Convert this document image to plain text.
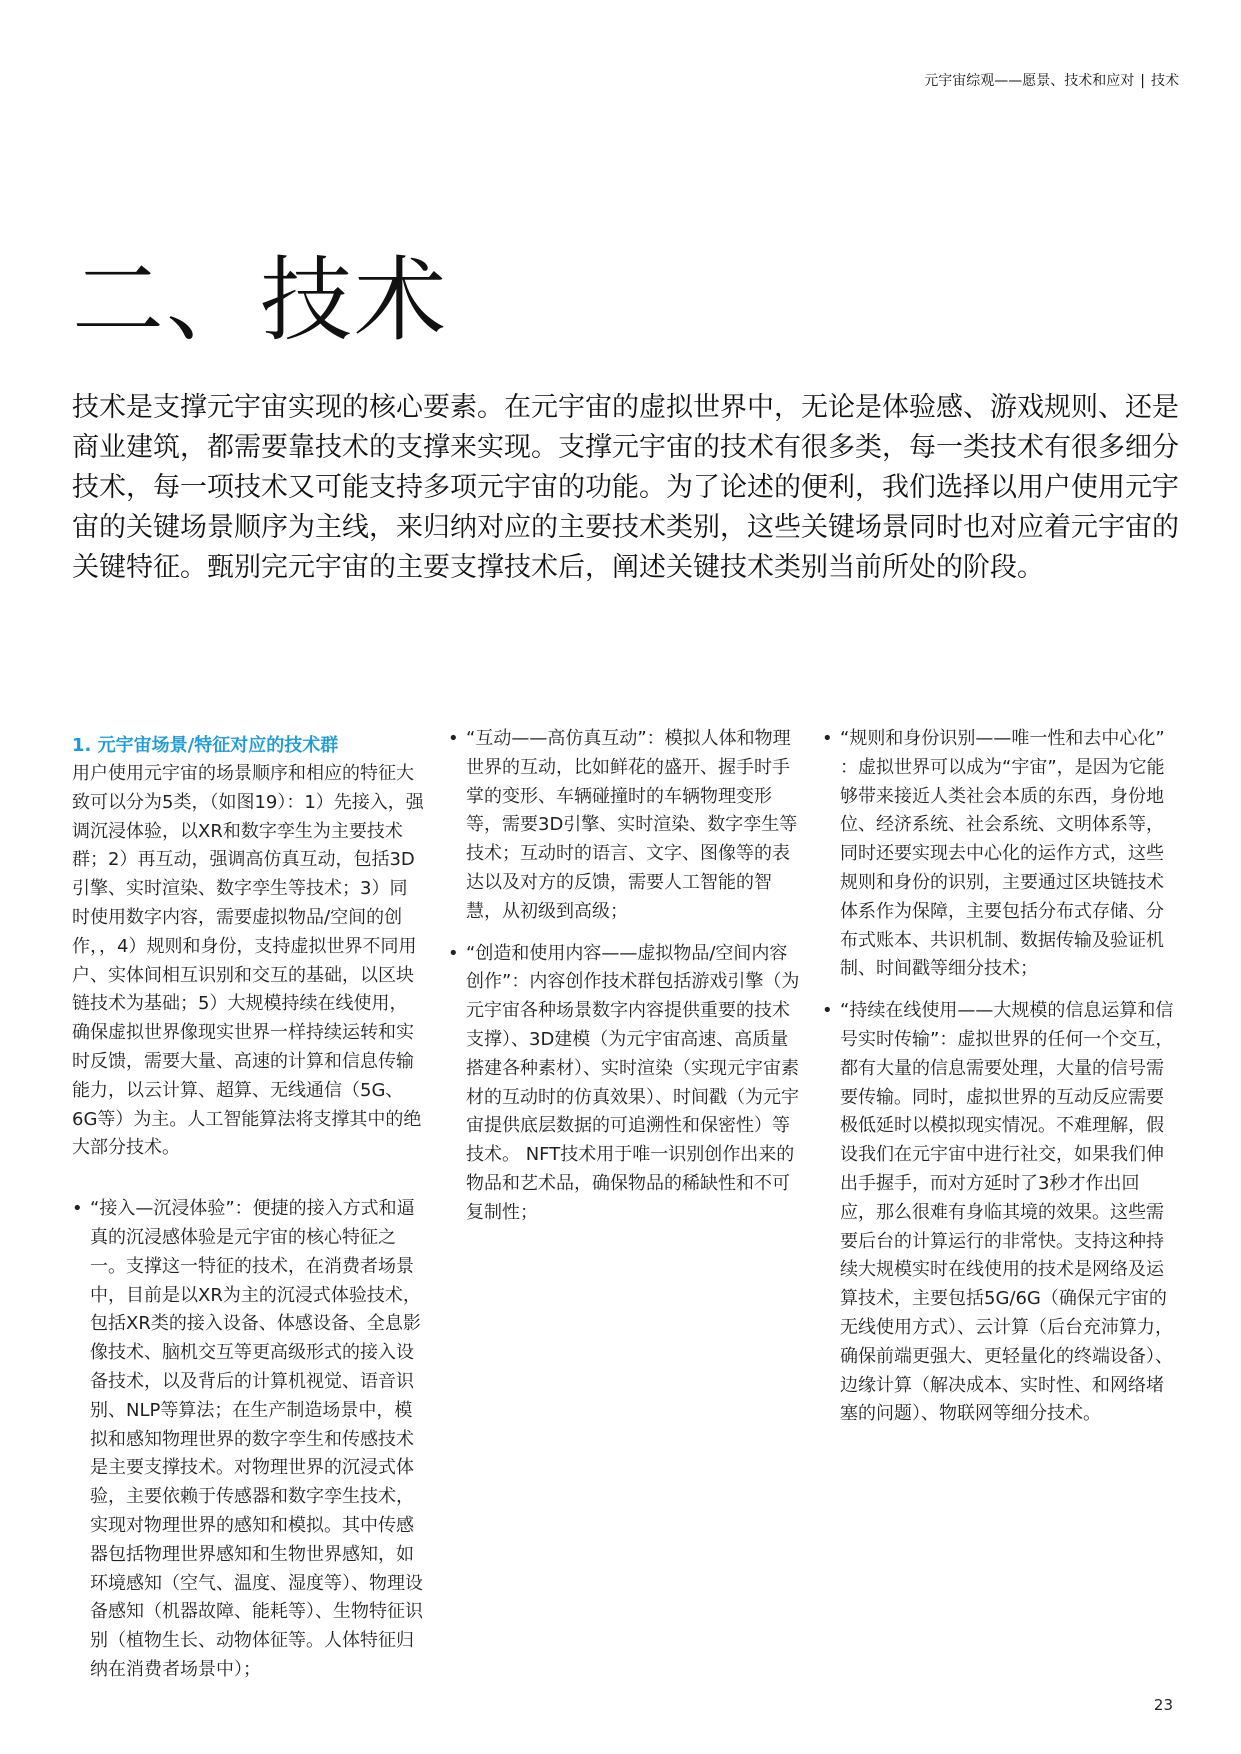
元宇宙综观——愿景、技术和应对 | 技术
二、技术

技术是支撑元宇宙实现的核心要素。在元宇宙的虚拟世界中，无论是体验感、游戏规则、还是商业建筑，都需要靠技术的支撑来实现。支撑元宇宙的技术有很多类，每一类技术有很多细分技术，每一项技术又可能支持多项元宇宙的功能。为了论述的便利，我们选择以用户使用元宇宙的关键场景顺序为主线，来归纳对应的主要技术类别，这些关键场景同时也对应着元宇宙的关键特征。甄别完元宇宙的主要支撑技术后，阐述关键技术类别当前所处的阶段。

1. 元宇宙场景/特征对应的技术群

用户使用元宇宙的场景顺序和相应的特征大致可以分为5类，（如图19）：1）先接入，强调沉浸体验，以XR和数字孪生为主要技术群；2）再互动，强调高仿真互动，包括3D引擎、实时渲染、数字孪生等技术；3）同时使用数字内容，需要虚拟物品/空间的创作，，4）规则和身份，支持虚拟世界不同用户、实体间相互识别和交互的基础，以区块链技术为基础；5）大规模持续在线使用，确保虚拟世界像现实世界一样持续运转和实时反馈，需要大量、高速的计算和信息传输能力，以云计算、超算、无线通信（5G、6G等）为主。人工智能算法将支撑其中的绝大部分技术。

• “接入—沉浸体验”：便捷的接入方式和逼真的沉浸感体验是元宇宙的核心特征之一。支撑这一特征的技术，在消费者场景中，目前是以XR为主的沉浸式体验技术，包括XR类的接入设备、体感设备、全息影像技术、脑机交互等更高级形式的接入设备技术，以及背后的计算机视觉、语音识别、NLP等算法；在生产制造场景中，模拟和感知物理世界的数字孪生和传感技术是主要支撑技术。对物理世界的沉浸式体验，主要依赖于传感器和数字孪生技术，实现对物理世界的感知和模拟。其中传感器包括物理世界感知和生物世界感知，如环境感知（空气、温度、湿度等）、物理设备感知（机器故障、能耗等）、生物特征识别（植物生长、动物体征等。人体特征归纳在消费者场景中）；
• “互动——高仿真互动”：模拟人体和物理世界的互动，比如鲜花的盛开、握手时手掌的变形、车辆碰撞时的车辆物理变形等，需要3D引擎、实时渲染、数字孪生等技术；互动时的语言、文字、图像等的表达以及对方的反馈，需要人工智能的智慧，从初级到高级；
• “创造和使用内容——虚拟物品/空间内容创作”：内容创作技术群包括游戏引擎（为元宇宙各种场景数字内容提供重要的技术支撑）、3D建模（为元宇宙高速、高质量搭建各种素材）、实时渲染（实现元宇宙素材的互动时的仿真效果）、时间戳（为元宇宙提供底层数据的可追溯性和保密性）等技术。 NFT技术用于唯一识别创作出来的物品和艺术品，确保物品的稀缺性和不可复制性；
• “规则和身份识别——唯一性和去中心化” ：虚拟世界可以成为“宇宙”，是因为它能够带来接近人类社会本质的东西，身份地位、经济系统、社会系统、文明体系等，同时还要实现去中心化的运作方式，这些规则和身份的识别，主要通过区块链技术体系作为保障，主要包括分布式存储、分布式账本、共识机制、数据传输及验证机制、时间戳等细分技术；
• “持续在线使用——大规模的信息运算和信号实时传输”：虚拟世界的任何一个交互，都有大量的信息需要处理，大量的信号需要传输。同时，虚拟世界的互动反应需要极低延时以模拟现实情况。不难理解，假设我们在元宇宙中进行社交，如果我们伸出手握手，而对方延时了3秒才作出回应，那么很难有身临其境的效果。这些需要后台的计算运行的非常快。支持这种持续大规模实时在线使用的技术是网络及运算技术，主要包括5G/6G（确保元宇宙的无线使用方式）、云计算（后台充沛算力，确保前端更强大、更轻量化的终端设备）、边缘计算（解决成本、实时性、和网络堵塞的问题）、物联网等细分技术。
23
